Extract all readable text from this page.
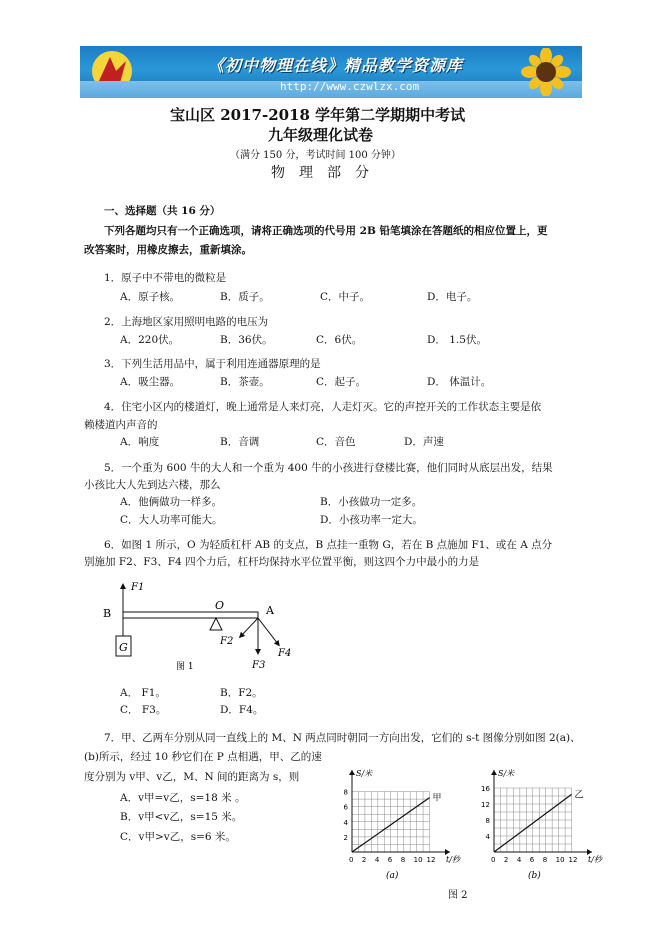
《初中物理在线》精品教学资源库
http://www.czwlzx.com
宝山区 2017-2018 学年第二学期期中考试
九年级理化试卷
（满分 150 分，考试时间 100 分钟）
物　理　部　分
一、选择题（共 16 分）
下列各题均只有一个正确选项，请将正确选项的代号用 2B 铅笔填涂在答题纸的相应位置上，更
改答案时，用橡皮擦去，重新填涂。
1．原子中不带电的微粒是
A．原子核。	B．质子。	C．中子。	D．电子。
2．上海地区家用照明电路的电压为
A．220伏。	B．36伏。	C．6伏。	D． 1.5伏。
3．下列生活用品中，属于利用连通器原理的是
A．吸尘器。	B．茶壶。	C．起子。	D． 体温计。
4．住宅小区内的楼道灯，晚上通常是人来灯亮，人走灯灭。它的声控开关的工作状态主要是依
赖楼道内声音的
A．响度	B．音调	C．音色	D．声速
5．一个重为 600 牛的大人和一个重为 400 牛的小孩进行登楼比赛，他们同时从底层出发，结果
小孩比大人先到达六楼，那么
A．他俩做功一样多。	B．小孩做功一定多。
C．大人功率可能大。	D．小孩功率一定大。
6．如图 1 所示，O 为轻质杠杆 AB 的支点，B 点挂一重物 G，若在 B 点施加 F1、或在 A 点分
别施加 F2、F3、F4 四个力后，杠杆均保持水平位置平衡，则这四个力中最小的力是
B
O	A
G
F1
F2
F3
F4
图 1
A． F1。	B．F2。
C． F3。	D．F4。
7．甲、乙两车分别从同一直线上的 M、N 两点同时朝同一方向出发，它们的 s-t 图像分别如图 2(a)、
(b)所示，经过 10 秒它们在 P 点相遇，甲、乙的速
度分别为 v甲、v乙，M、N 间的距离为 s，则
A．v甲=v乙，s=18 米 。
B．v甲<v乙，s=15 米。
C．v甲>v乙，s=6 米。
0 2 4 6 8 10 12
2
4
6
8
t/秒
S/米
甲
(a)
0 2 4 6 8 10 12
4
8
12
16
t/秒
S/米
乙
(b)
图 2
